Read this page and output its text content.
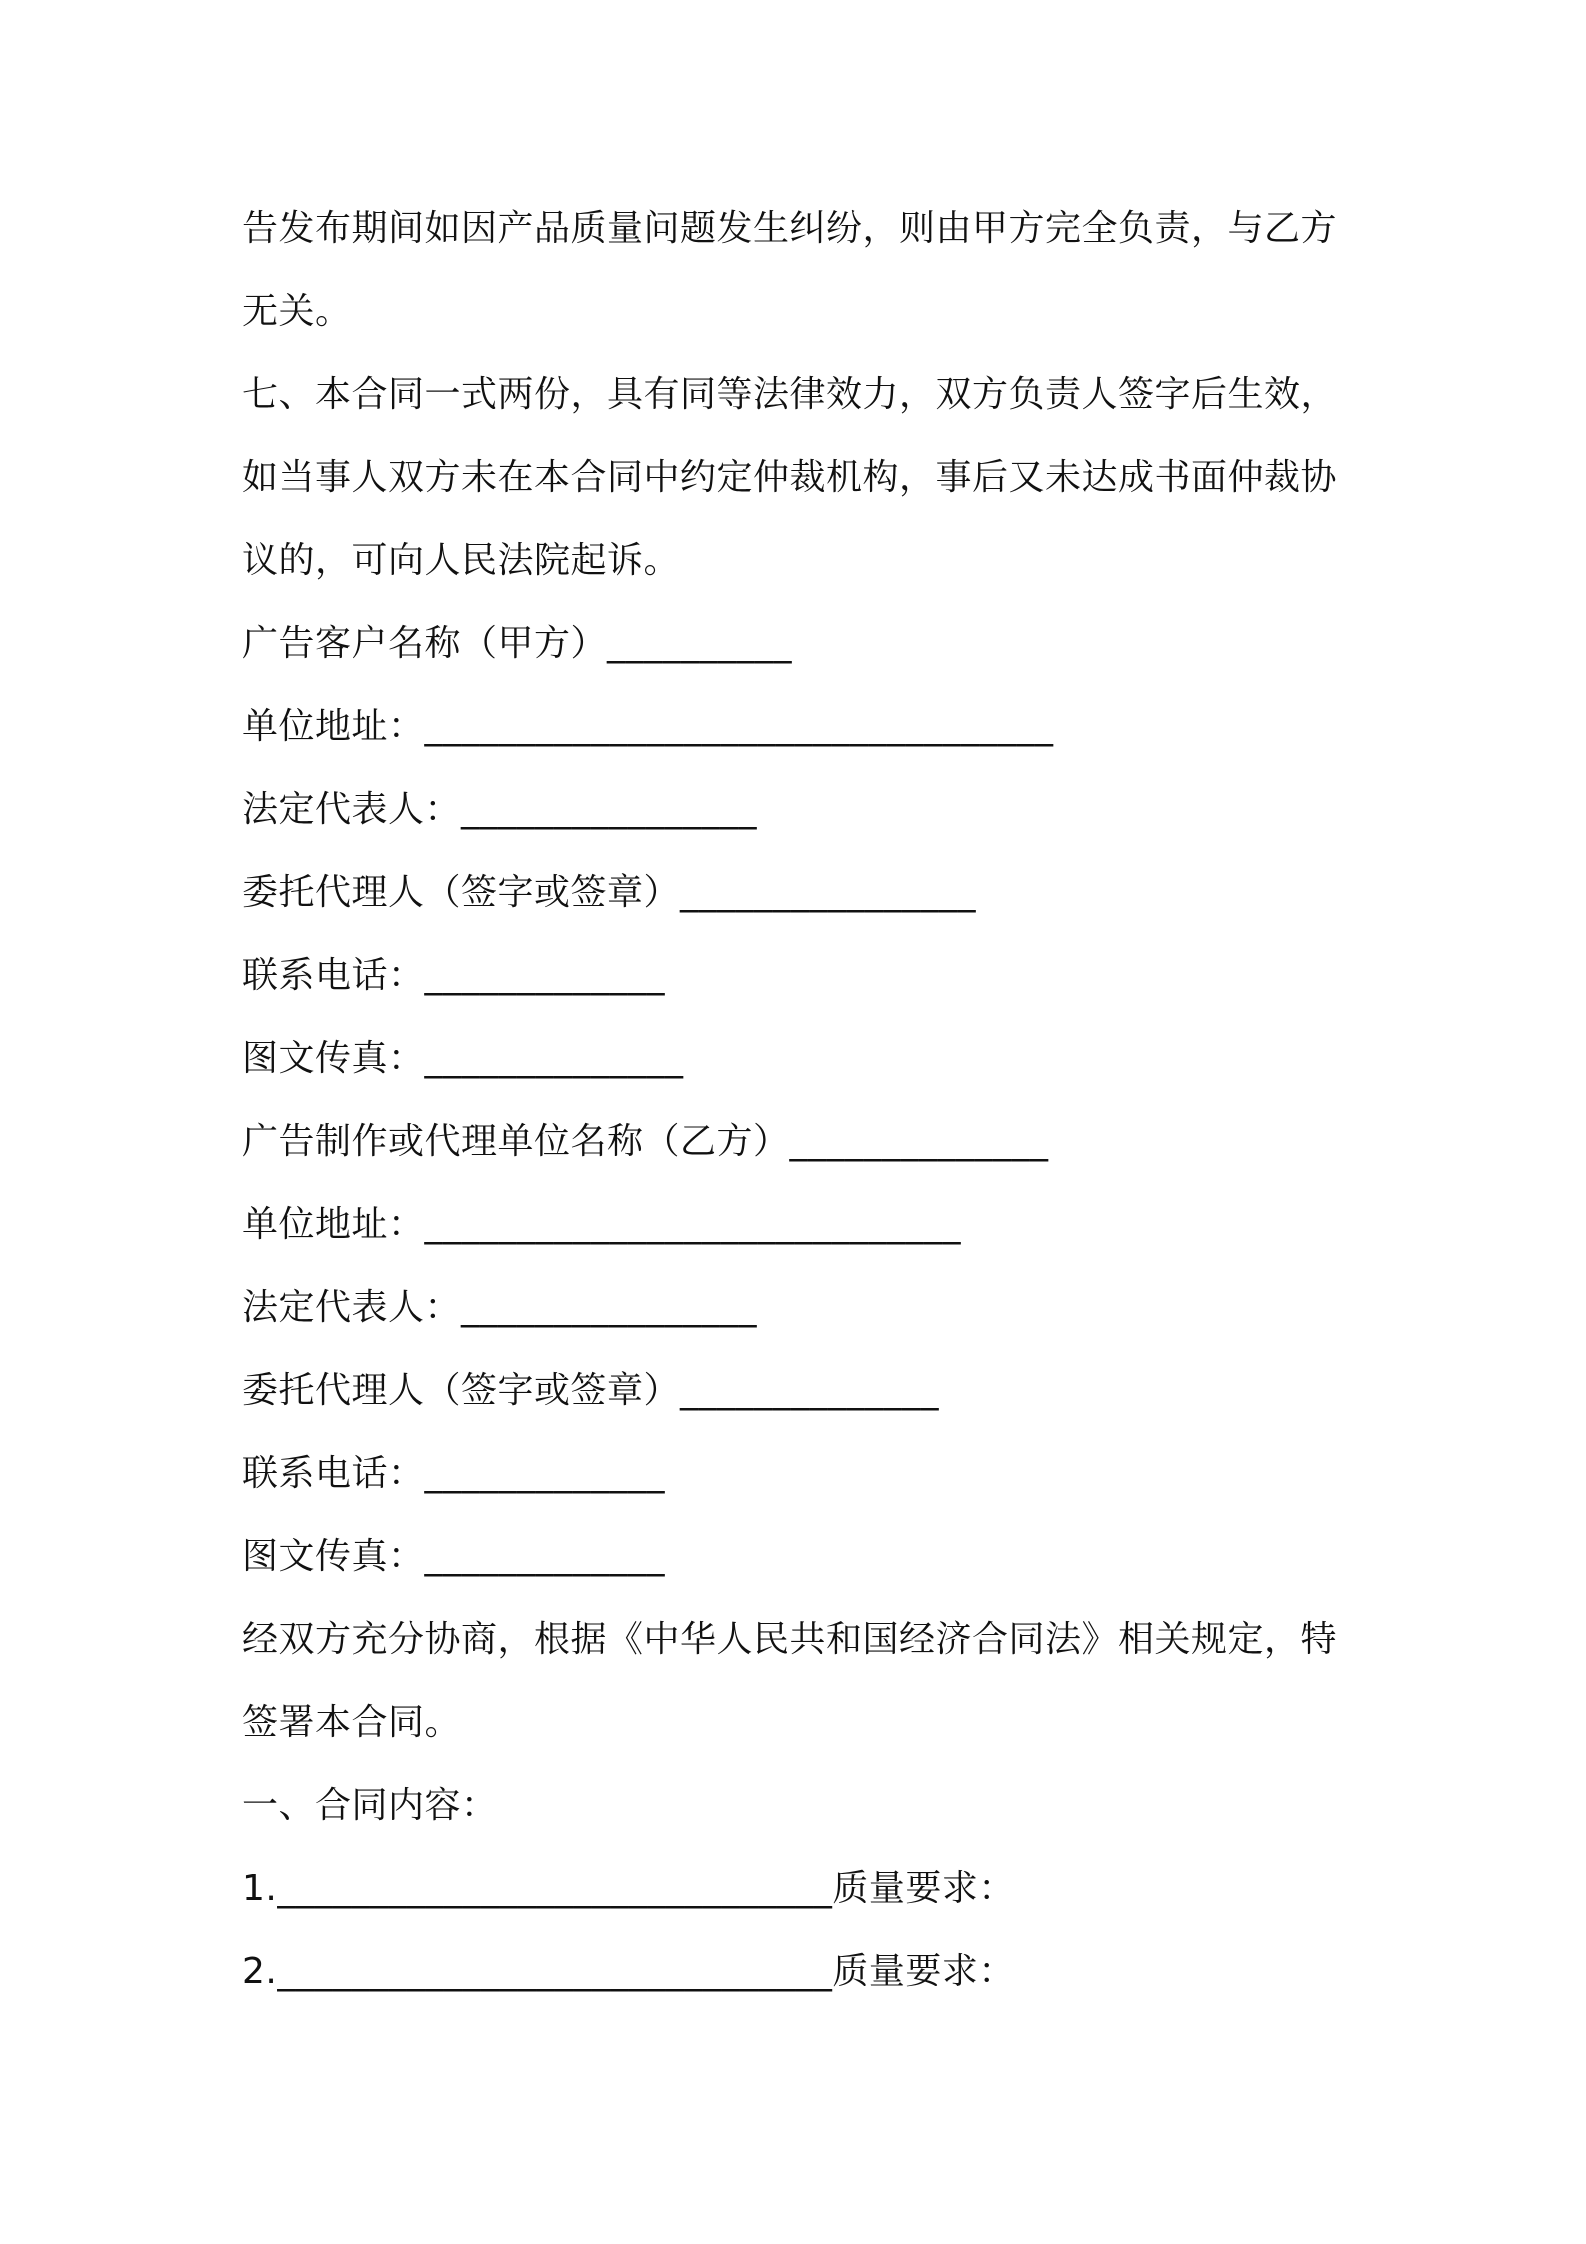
告发布期间如因产品质量问题发生纠纷，则由甲方完全负责，与乙方
无关。
七、本合同一式两份，具有同等法律效力，双方负责人签字后生效，
如当事人双方未在本合同中约定仲裁机构，事后又未达成书面仲裁协
议的，可向人民法院起诉。
广告客户名称（甲方）__________
单位地址：__________________________________
法定代表人：________________
委托代理人（签字或签章）________________
联系电话：_____________
图文传真：______________
广告制作或代理单位名称（乙方）______________
单位地址：_____________________________
法定代表人：________________
委托代理人（签字或签章）______________
联系电话：_____________
图文传真：_____________
经双方充分协商，根据《中华人民共和国经济合同法》相关规定，特
签署本合同。
一、合同内容：
1.______________________________质量要求：
2.______________________________质量要求：
